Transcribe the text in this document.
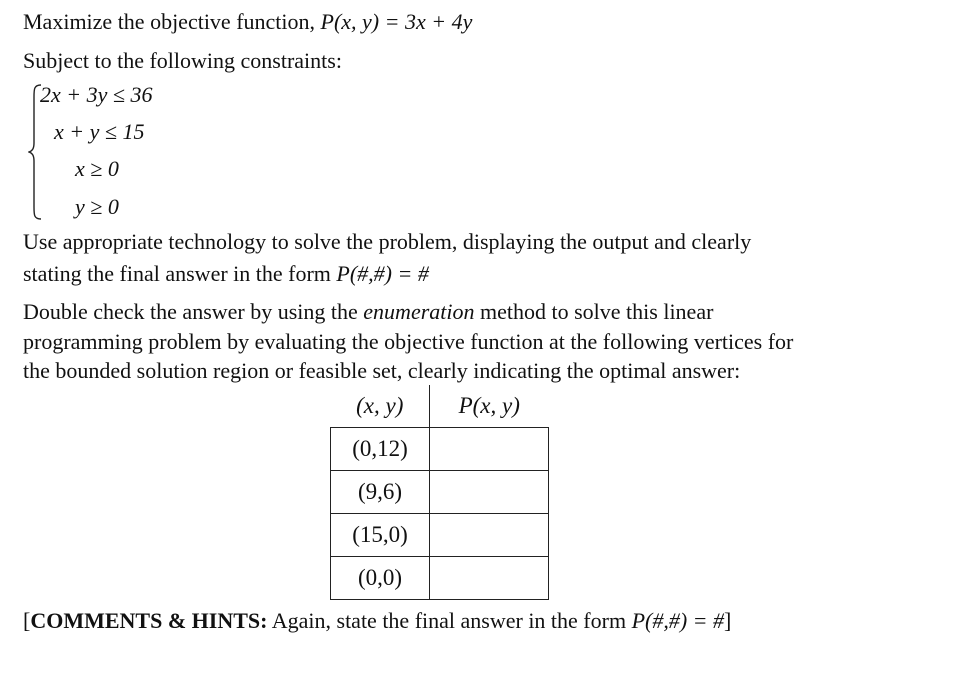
Maximize the objective function, P(x, y) = 3x + 4y
Subject to the following constraints:
2x + 3y ≤ 36
x + y ≤ 15
x ≥ 0
y ≥ 0
Use appropriate technology to solve the problem, displaying the output and clearly
stating the final answer in the form P(#,#) = #
Double check the answer by using the enumeration method to solve this linear
programming problem by evaluating the objective function at the following vertices for
the bounded solution region or feasible set, clearly indicating the optimal answer:
(x, y)	P(x, y)
(0,12)	
(9,6)	
(15,0)	
(0,0)	
[COMMENTS & HINTS: Again, state the final answer in the form P(#,#) = #]
